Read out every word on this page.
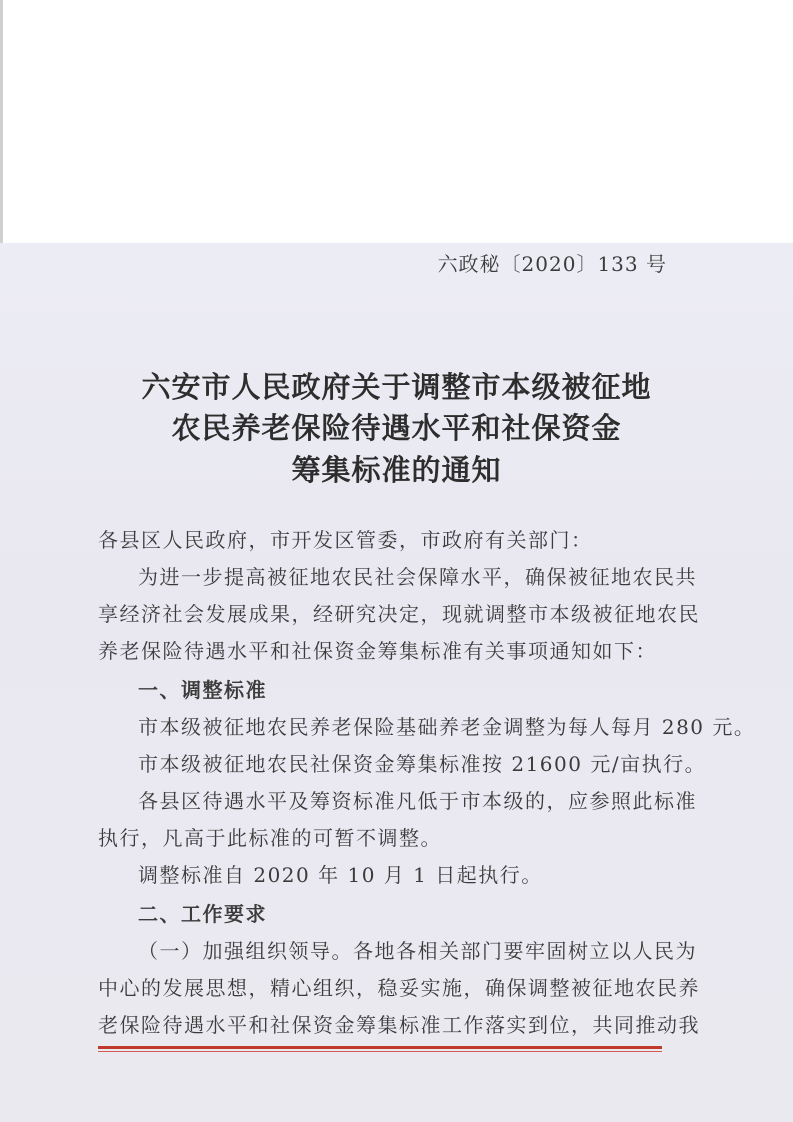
六政秘〔2020〕133 号
六安市人民政府关于调整市本级被征地
农民养老保险待遇水平和社保资金
筹集标准的通知
各县区人民政府，市开发区管委，市政府有关部门：
为进一步提高被征地农民社会保障水平，确保被征地农民共
享经济社会发展成果，经研究决定，现就调整市本级被征地农民
养老保险待遇水平和社保资金筹集标准有关事项通知如下：
一、调整标准
市本级被征地农民养老保险基础养老金调整为每人每月 280 元。
市本级被征地农民社保资金筹集标准按 21600 元/亩执行。
各县区待遇水平及筹资标准凡低于市本级的，应参照此标准
执行，凡高于此标准的可暂不调整。
调整标准自 2020 年 10 月 1 日起执行。
二、工作要求
（一）加强组织领导。各地各相关部门要牢固树立以人民为
中心的发展思想，精心组织，稳妥实施，确保调整被征地农民养
老保险待遇水平和社保资金筹集标准工作落实到位，共同推动我
